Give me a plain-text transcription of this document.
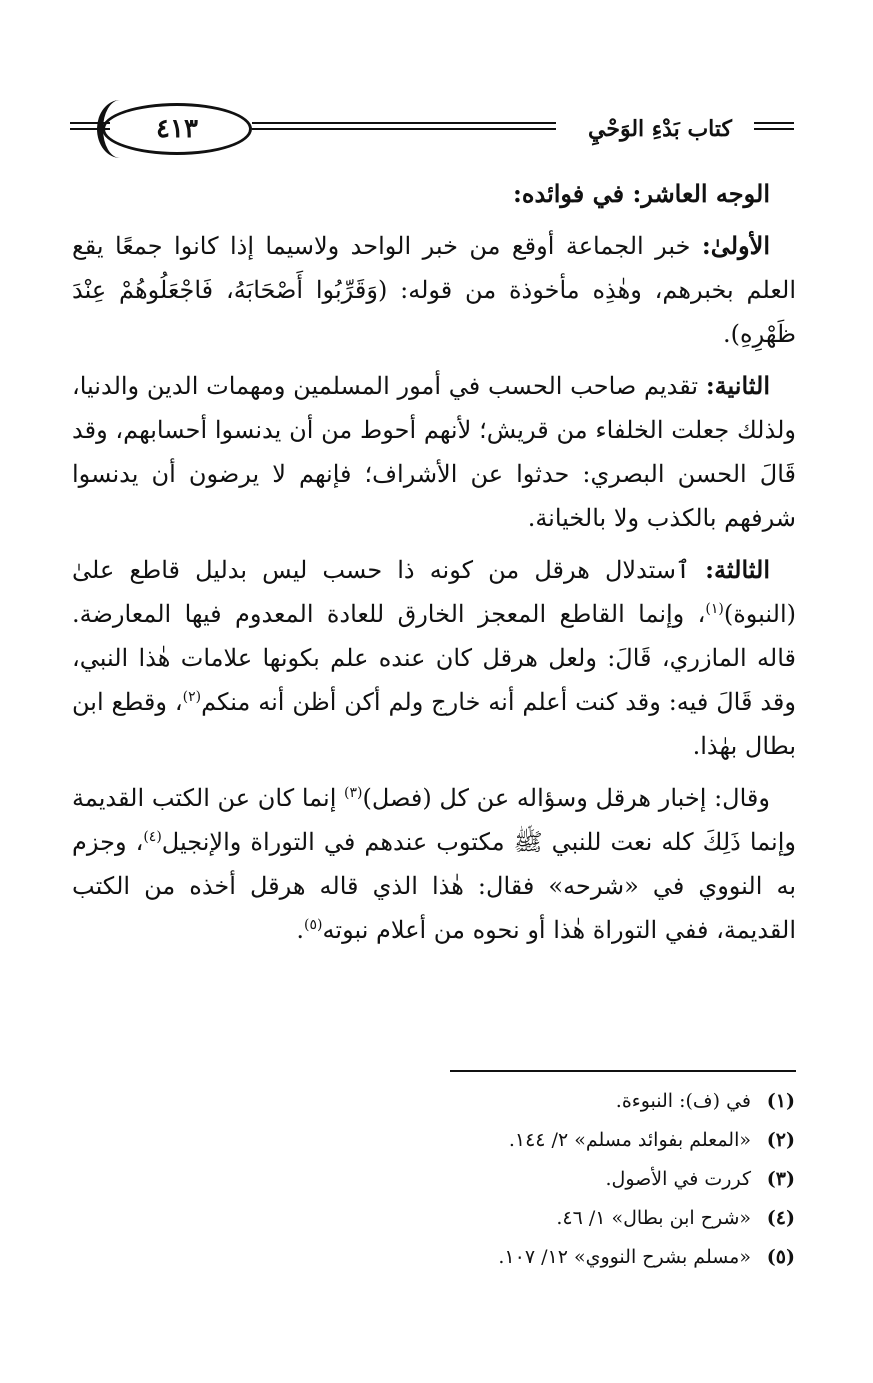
كتاب بَدْءِ الوَحْيِ
٤١٣

الوجه العاشر: في فوائده:

الأولىٰ: خبر الجماعة أوقع من خبر الواحد ولاسيما إذا كانوا جمعًا يقع العلم بخبرهم، وهٰذِه مأخوذة من قوله: (وَقَرِّبُوا أَصْحَابَهُ، فَاجْعَلُوهُمْ عِنْدَ ظَهْرِهِ).

الثانية: تقديم صاحب الحسب في أمور المسلمين ومهمات الدين والدنيا، ولذلك جعلت الخلفاء من قريش؛ لأنهم أحوط من أن يدنسوا أحسابهم، وقد قَالَ الحسن البصري: حدثوا عن الأشراف؛ فإنهم لا يرضون أن يدنسوا شرفهم بالكذب ولا بالخيانة.

الثالثة: ٱستدلال هرقل من كونه ذا حسب ليس بدليل قاطع علىٰ (النبوة)$^{(١)}$، وإنما القاطع المعجز الخارق للعادة المعدوم فيها المعارضة. قاله المازري، قَالَ: ولعل هرقل كان عنده علم بكونها علامات هٰذا النبي، وقد قَالَ فيه: وقد كنت أعلم أنه خارج ولم أكن أظن أنه منكم$^{(٢)}$، وقطع ابن بطال بهٰذا.

وقال: إخبار هرقل وسؤاله عن كل (فصل)$^{(٣)}$ إنما كان عن الكتب القديمة وإنما ذَلِكَ كله نعت للنبي ﷺ مكتوب عندهم في التوراة والإنجيل$^{(٤)}$، وجزم به النووي في «شرحه» فقال: هٰذا الذي قاله هرقل أخذه من الكتب القديمة، ففي التوراة هٰذا أو نحوه من أعلام نبوته$^{(٥)}$.

(١)في (ف): النبوءة.
(٢)«المعلم بفوائد مسلم» ٢/ ١٤٤.
(٣)كررت في الأصول.
(٤)«شرح ابن بطال» ١/ ٤٦.
(٥)«مسلم بشرح النووي» ١٢/ ١٠٧.
